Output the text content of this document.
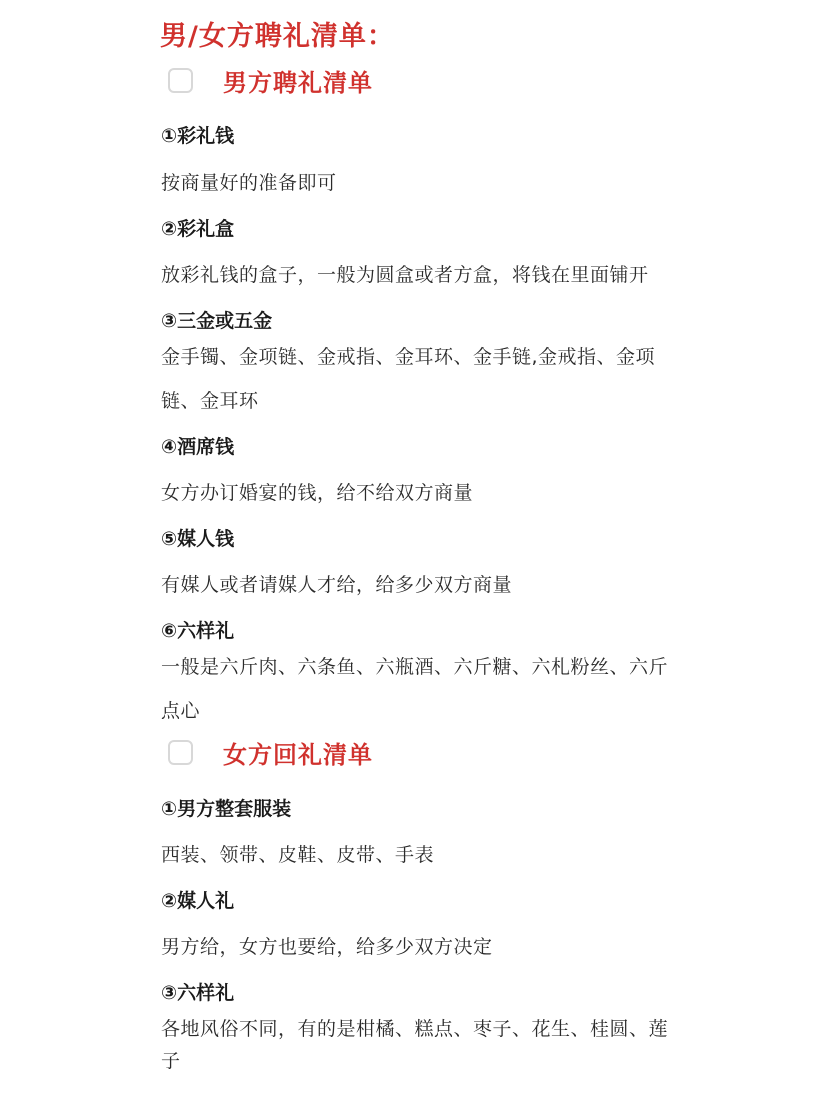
男/女方聘礼清单：
男方聘礼清单
①彩礼钱
按商量好的准备即可
②彩礼盒
放彩礼钱的盒子，一般为圆盒或者方盒，将钱在里面铺开
③三金或五金
金手镯、金项链、金戒指、金耳环、金手链,金戒指、金项
链、金耳环
④酒席钱
女方办订婚宴的钱，给不给双方商量
⑤媒人钱
有媒人或者请媒人才给，给多少双方商量
⑥六样礼
一般是六斤肉、六条鱼、六瓶酒、六斤糖、六札粉丝、六斤
点心
女方回礼清单
①男方整套服装
西装、领带、皮鞋、皮带、手表
②媒人礼
男方给，女方也要给，给多少双方决定
③六样礼
各地风俗不同，有的是柑橘、糕点、枣子、花生、桂圆、莲
子
